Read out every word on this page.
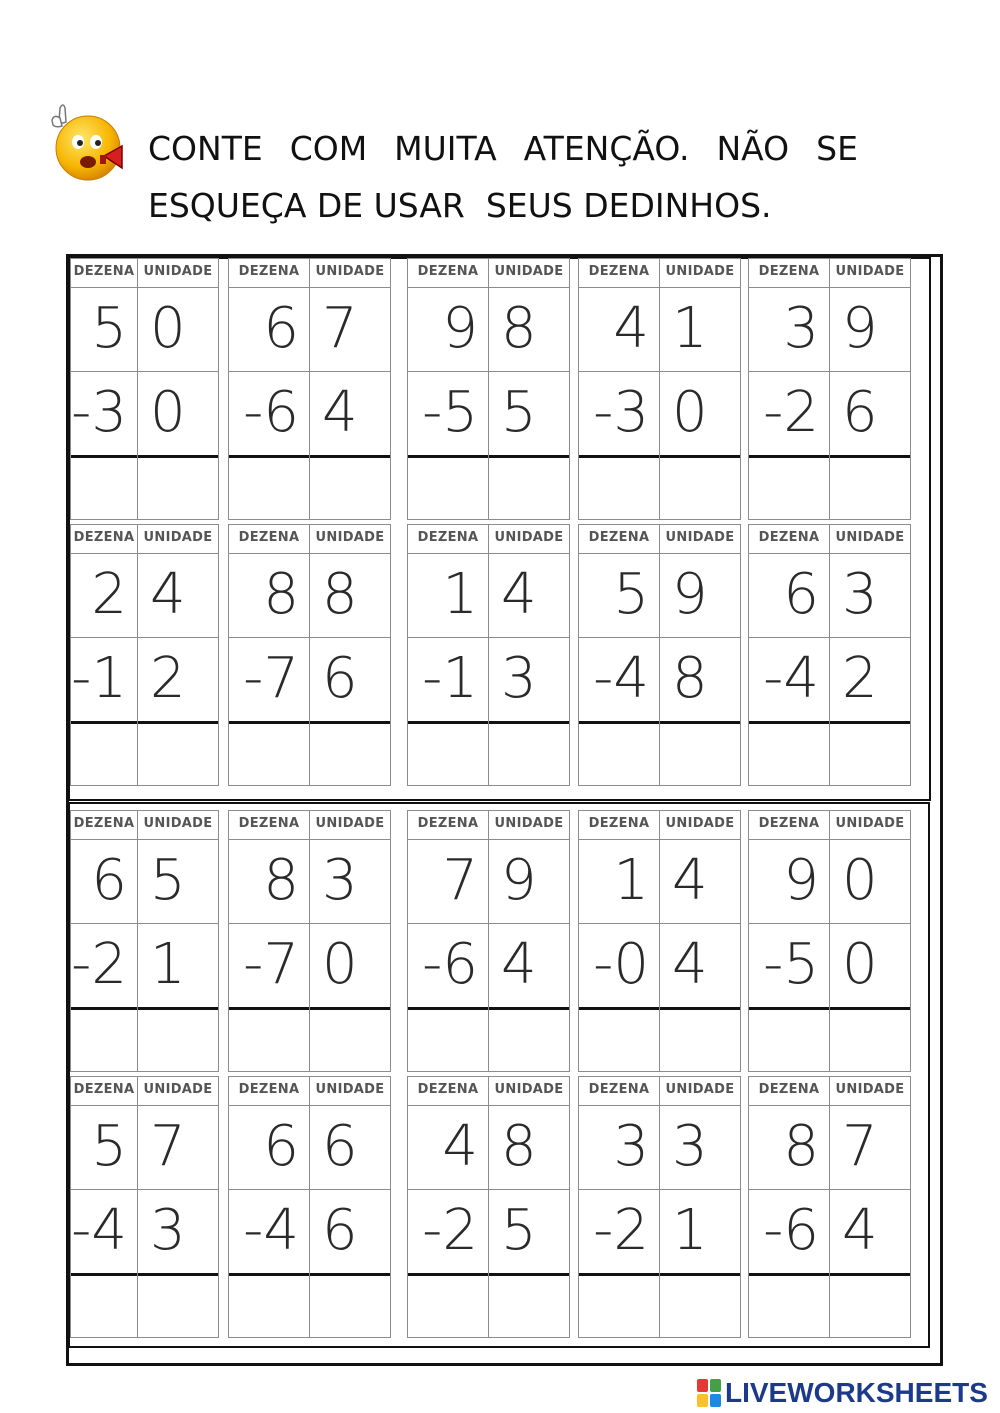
CONTE COM MUITA ATENÇÃO. NÃO SE
ESQUEÇA DE USAR  SEUS DEDINHOS.
DEZENA
5
-3
UNIDADE
0
0
DEZENA
6
-6
UNIDADE
7
4
DEZENA
9
-5
UNIDADE
8
5
DEZENA
4
-3
UNIDADE
1
0
DEZENA
3
-2
UNIDADE
9
6
DEZENA
2
-1
UNIDADE
4
2
DEZENA
8
-7
UNIDADE
8
6
DEZENA
1
-1
UNIDADE
4
3
DEZENA
5
-4
UNIDADE
9
8
DEZENA
6
-4
UNIDADE
3
2
DEZENA
6
-2
UNIDADE
5
1
DEZENA
8
-7
UNIDADE
3
0
DEZENA
7
-6
UNIDADE
9
4
DEZENA
1
-0
UNIDADE
4
4
DEZENA
9
-5
UNIDADE
0
0
DEZENA
5
-4
UNIDADE
7
3
DEZENA
6
-4
UNIDADE
6
6
DEZENA
4
-2
UNIDADE
8
5
DEZENA
3
-2
UNIDADE
3
1
DEZENA
8
-6
UNIDADE
7
4
LIVEWORKSHEETS
